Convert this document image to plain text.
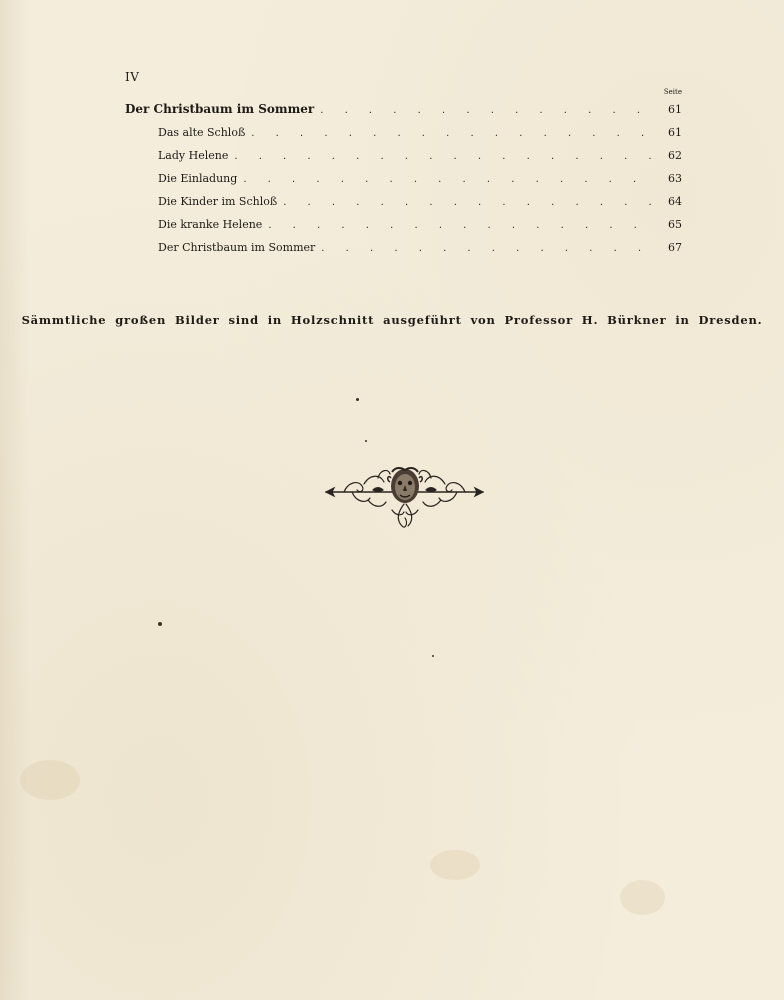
IV
Seite
Der Christbaum im Sommer . . .	61
Das alte Schloß . . .	61
Lady Helene . . .	62
Die Einladung . . .	63
Die Kinder im Schloß . . .	64
Die kranke Helene . . .	65
Der Christbaum im Sommer . . .	67
Sämmtliche großen Bilder sind in Holzschnitt ausgeführt von Professor H. Bürkner in Dresden.
